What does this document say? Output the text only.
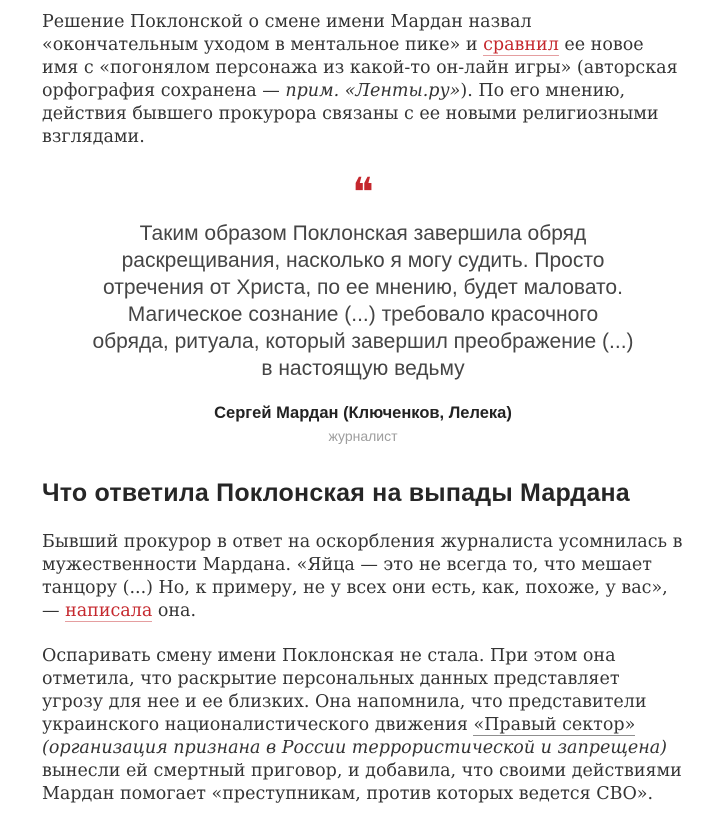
Решение Поклонской о смене имени Мардан назвал «окончательным уходом в ментальное пике» и сравнил ее новое имя с «погонялом персонажа из какой-то он-лайн игры» (авторская орфография сохранена — прим. «Ленты.ру»). По его мнению, действия бывшего прокурора связаны с ее новыми религиозными взглядами.

❝
Таким образом Поклонская завершила обряд раскрещивания, насколько я могу судить. Просто отречения от Христа, по ее мнению, будет маловато. Магическое сознание (...) требовало красочного обряда, ритуала, который завершил преображение (...) в настоящую ведьму
Сергей Мардан (Ключенков, Лелека)
журналист
Что ответила Поклонская на выпады Мардана

Бывший прокурор в ответ на оскорбления журналиста усомнилась в мужественности Мардана. «Яйца — это не всегда то, что мешает танцору (...) Но, к примеру, не у всех они есть, как, похоже, у вас», — написала она.

Оспаривать смену имени Поклонская не стала. При этом она отметила, что раскрытие персональных данных представляет угрозу для нее и ее близких. Она напомнила, что представители украинского националистического движения «Правый сектор» (организация признана в России террористической и запрещена) вынесли ей смертный приговор, и добавила, что своими действиями Мардан помогает «преступникам, против которых ведется СВО».
